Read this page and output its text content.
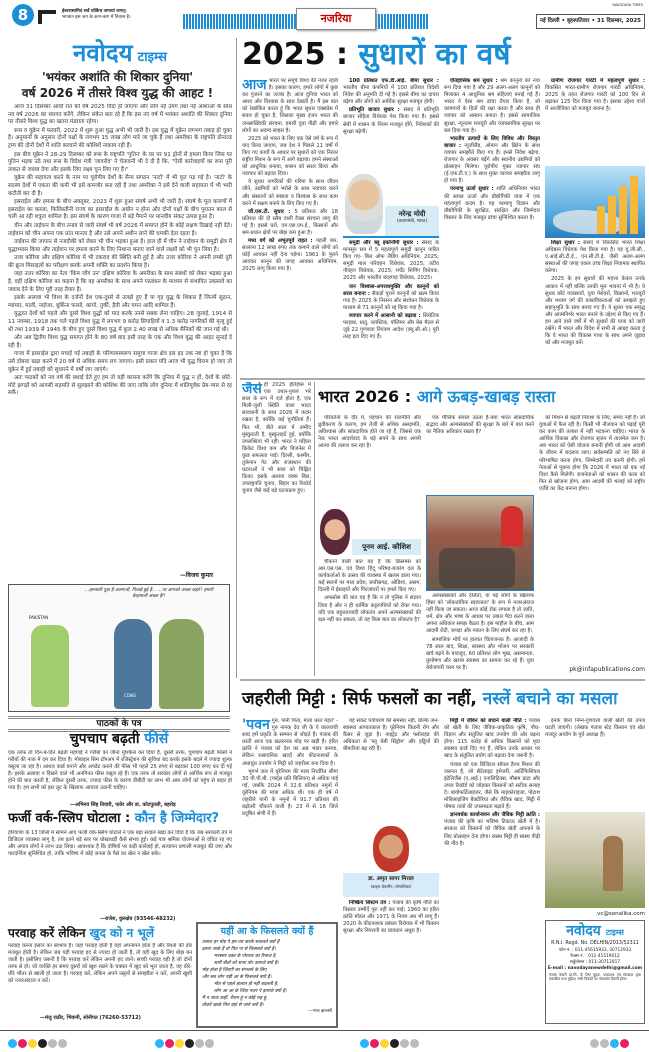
8	ईश्वरास्यमिदं सर्वं यत्किंच जगत्यां जगत्।
भगवान इस जग के कण-कण में निवास है।	नजरिया
NAVODAYA TIMES
नई दिल्ली • बृहस्पतिवार • 31 दिसम्बर, 2025
नवोदय टाइम्स
'भयंकर अशांति की शिकार दुनिया'
वर्ष 2026 में तीसरे विश्व युद्ध की आहट !

आज 31 दिसम्बर आधी रात को वर्ष 2025 विदा हो जाएगा और लोग नई उमंग तथा नई आशाओं के साथ नव वर्ष 2026 का स्वागत करेंगे, लेकिन संकेत बता रहे हैं कि इस नए वर्ष में भयंकर अशांति की शिकार दुनिया पर तीसरे विश्व युद्ध का खतरा मंडराता रहेगा।

रूस व यूक्रेन में फरवरी, 2022 में शुरू हुआ युद्ध अभी भी जारी है। इस युद्ध में यूक्रेन लगभग तबाह हो चुका है। अनुमानों के अनुसार दोनों पक्षों के लगभग 15 लाख लोग मारे जा चुके हैं तथा अमरीका के राष्ट्रपति डोनाल्ड ट्रम्प की दोनों देशों में शांति करवाने की कोशिशें नाकाम रही हैं।

इस बीच यूक्रेन ने 28-29 दिसम्बर को रूस के राष्ट्रपति 'पुतिन' के घर पर 91 ड्रोनों से हमला किया जिस पर पुतिन भड़क उठे तथा रूस के विदेश मंत्री 'लावरोव' ने चेतावनी भी दे दी है कि, "ऐसी कार्रवाइयों का रूस पूरी ताकत से जवाब देगा और इसके लिए लक्ष्य चुन लिए गए हैं।"

यूक्रेन की सहायता करने के नाम पर यूरोपीय देशों के सैन्य संगठन 'नाटो' में भी फूट पड़ गई है। 'नाटो' के सदस्य देशों में एकता की कमी भी इसे कमजोर बना रही है तथा अमरीका ने इसे देने वाली सहायता में भी भारी कटौती कर दी है।

इसराईल और हमास के बीच अक्तूबर, 2023 में शुरू हुआ संघर्ष अभी भी जारी है। संघर्ष के मूल कारणों में इसराईल का कब्जा, फिलिस्तीनी राज्य का इसराईल के अधीन न होना और दोनों पक्षों के बीच पुरातन काल से चली आ रही शत्रुता शामिल है। इस संघर्ष के कारण गाजा में बड़े पैमाने पर मानवीय संकट उत्पन्न हुआ है।

चीन और ताईवान के बीच तनाव से जारी संघर्ष भी वर्ष 2026 में समाप्त होने के कोई लक्षण दिखाई नहीं देते। ताईवान को चीन अपना एक प्रांत मानता है और उसे अपने अधीन लाने की धमकी देता रहता है।

ताईवान की जापान से नजदीकी को लेकर भी चीन भड़का हुआ है। हाल ही में चीन ने ताईवान के समुद्री क्षेत्र में युद्धाभ्यास किया और ताईवान पर हमला करने के लिए निशाना बनाए जाने वाले लक्ष्यों को भी चुन लिया है।

उत्तर कोरिया और दक्षिण कोरिया में भी टकराव की स्थिति बनी हुई है और उत्तर कोरिया ने अपनी लम्बी दूरी की क्रूज मिसाइलों का परीक्षण करके अपनी शक्ति का प्रदर्शन किया है।

जहां उत्तर कोरिया का नेता 'किम जोंग उन' दक्षिण कोरिया के अमरीका के साथ संबंधों को लेकर भड़का हुआ है, वहीं दक्षिण कोरिया का कहना है कि वह अमरीका के साथ अपने गठबंधन के माध्यम से संभावित उकसावे का जवाब देने के लिए पूरी तरह तैयार है।

इसके अलावा भी विश्व के दर्जनों देश एक-दूसरे से उलझे हुए हैं या गृह युद्ध के शिकार हैं जिनमें सूडान, म्यांमार, माली, नाईजर, बुर्किना फासो, कांगो, तुर्की, हैती और यमन आदि शामिल हैं।

युद्धरत देशों को पहले और दूसरे विश्व युद्धों को याद करके उनसे सबक लेना चाहिए। 28 जुलाई, 1914 से 11 नवम्बर, 1918 तक चले पहले विश्व युद्ध में लगभग 9 करोड़ सिपाहियों व 1.3 करोड़ नागरिकों की मृत्यु हुई थी तथा 1939 से 1945 के बीच हुए दूसरे विश्व युद्ध में कुल 2.40 लाख से अधिक सैनिकों की जान गई थी।

और अब द्वितीय विश्व युद्ध समाप्त होने के 80 वर्ष बाद इसी तरह के एक और विश्व युद्ध की आहट सुनाई दे रही है।

गाजा में इसराईल द्वारा मचाई गई तबाही के परिणामस्वरूप समूचा गाजा क्षेत्र इस हद तक नष्ट हो चुका है कि उसे दोबारा खड़ा करने में 20 वर्ष से अधिक समय लग जाएगा। इसी प्रकार यदि आज भी युद्ध विराम हो जाए तो यूक्रेन में हुई तबाही को सुधारने में वर्षों लग जाएंगे।

अतः पाठकों को नव वर्ष की बधाई देते हुए हम तो यही कामना करेंगे कि दुनिया में युद्ध न हों, देशों के छोटे-मोटे झगड़ों को आपसी सहमति से सुलझाने की कोशिश की जाए ताकि लोग दुनिया में शांतिपूर्वक प्रेम-प्यार से रह सकें।

—विजय कुमार
...हमवाली पुड़ा है अलगाची, पिचाड़े हुई है... ...पर आपको अच्छा कहां!! हमारी बेरहमाली अच्छा है!!
PAKISTAN
CONG
पाठकों के पत्र
चुपचाप बढ़ती फीसें
एक तरफ तो दिन-ब-दिन बढ़ती महंगाई ने गरीबों का जीना मुश्किल कर दिया है, दूसरी तरफ, चुपचाप बढ़ती फीसों ने गरीबों की नाक में दम कर दिया है। मोबाइल सिम टॉपअप में रजिस्ट्रेशन की सुविधा बंद करके इसके बदले में ज्यादा शुल्क वसूला जा रहा है। आधार कार्ड बनाने और अपडेट कराने की फीस भी पहले 25 रुपए से बढ़ाकर 100 रुपए कर दी गई है। इसके अलावा न दिखने वाले भी अनगिनत फीस वसूल रहे हैं। एक तरफ तो सरकार लोगों से आर्थिक रूप से मजबूत होने की बात करती है, लेकिन दूसरी तरफ, ज्यादा फीस के कारण डीबीटी का लाभ भी आम लोगों को पहुंच से बाहर हो गया है। हम सभी को इस लूट के खिलाफ आवाज उठानी चाहिए।
—अभिनव सिंह तिवारी, पतोर और डा. कोटपुतली, बहरोड़
फर्जी वर्क-स्लिप घोटाला : कौन है जिम्मेदार?
हरियाणा के 13 जिलों में सामने आए फर्जी वर्क-स्लिप घोटाले ने एक बड़ा सवाल खड़ा कर दिया है कि जब सरकारी तंत्र में डिजिटल व्यवस्था लागू है, तब इतने बड़े स्तर पर धोखाधड़ी कैसे संभव हुई। कई पात्र श्रमिक योजनाओं से वंचित रह गए और अपात्र लोगों ने लाभ उठा लिया। आवश्यक है कि दोषियों पर कड़ी कार्रवाई हो, सत्यापन प्रणाली मजबूत की जाए और पारदर्शिता सुनिश्चित हो, ताकि भविष्य में कोई जनता के पैसे का खेल न खेल सके।
—राजेश, कुरुक्षेत्र (93546-48232)
परवाह करें लेकिन खुद को न भूलें
परवाह करना इंसान का स्वभाव है। जहां परवाह होती है वहां अपनापन होता है और रिश्तों की डोर मजबूत होती है। लेकिन जब यही परवाह हद से ज्यादा हो जाती है, तो वही खुद के लिए बोझ बन जाती है। इसीलिए जरूरी है कि परवाह करें लेकिन अपनी हद जानें। सच्ची परवाह वही है जो दोनों तरफ से हो। जो व्यक्ति हर समय दूसरों को खुश रखने के चक्कर में खुद को भूल जाता है, वह धीरे-धीरे भीतर से खाली हो जाता है। परवाह करें, लेकिन अपने उसूलों से समझौता न करें, अपनी खुशी को नजरअंदाज न करें।
—मंजु राठौर, भिवानी, सोनीपत (76260-53712)
2025 : सुधारों का वर्ष
आज भारत पर समूचे विश्व की नजर रहती है। इसका कारण, हमारे लोगों में कुछ कर गुजरने का जज्बा है। आज दुनिया भारत को आशा और विश्वास के साथ देखती है। मैं इस बात को रेखांकित करता हूं कि भारत सुधार एक्सप्रेस में सवार हो चुका है, जिसका मुख्य इंजन भारत की जनसांख्यिकी संरचना, हमारी युवा पीढ़ी और हमारे लोगों का अदम्य साहस है।

2025 को भारत के लिए एक ऐसे वर्ष के रूप में याद किया जाएगा, जब देश ने पिछले 11 वर्षों में किए गए कार्यों के आधार पर सुधारों को एक निरंतर राष्ट्रीय मिशन के रूप में आगे बढ़ाया। हमने संस्थाओं को आधुनिक बनाया, शासन को सरल किया और नवाचार को बढ़ावा दिया।

ये सुधार नागरिकों की गरिमा के साथ जीवन जीने, उद्यमियों को भरोसे के साथ नवाचार करने और संस्थानों को स्पष्टता व विश्वास के साथ काम करने में सक्षम बनाने के लिए किए गए हैं।

जी.एस.टी. सुधार : 5 प्रतिशत और 18 प्रतिशत की दो स्लैब वाली टैक्स संरचना लागू की गई है। इससे घरों, एम.एस.एम.ई., किसानों और श्रम-प्रधान क्षेत्रों पर बोझ कम हुआ है।

मध्य वर्ग को अभूतपूर्व राहत : पहली बार, सालाना 12 लाख रुपए तक कमाने वाले लोगों को कोई आयकर नहीं देना पड़ेगा। 1961 के पुराने आयकर कानून की जगह आयकर अधिनियम, 2025 लागू किया गया है।

100 प्रतिशत एफ.डी.आई. बीमा सुधार : भारतीय बीमा कंपनियों में 100 प्रतिशत विदेशी निवेश की अनुमति दी गई है। इससे बीमा का दायरा बढ़ेगा और लोगों को आर्थिक सुरक्षा मजबूत होगी।

प्रतिभूति बाजार सुधार : संसद में प्रतिभूति बाजार संहिता विधेयक पेश किया गया है। इससे सेबी में शासन के नियम मजबूत होंगे, निवेशकों की सुरक्षा बढ़ेगी।

नरेन्द्र मोदी
(प्रधानमंत्री, भारत)

समुद्री और ब्लू इकोनॉमी सुधार : संसद के मानसून सत्र में 5 महत्वपूर्ण समुद्री कानून पारित किए गए- बिल ऑफ लैडिंग अधिनियम, 2025; समुद्री माल परिवहन विधेयक, 2025; तटीय नौवहन विधेयक, 2025; मर्चेंट शिपिंग विधेयक, 2025 और भारतीय बंदरगाह विधेयक, 2025।

जन विश्वास-अपराधमुक्ति और कानूनों को सरल बनाना : सैकड़ों पुराने कानूनों को खत्म किया गया है। 2025 के निरसन और संशोधन विधेयक के माध्यम से 71 कानूनों को रद्द किया गया है।

व्यापार करने में आसानी को बढ़ावा : सिंथेटिक फाइबर, धातु, प्लास्टिक, पॉलिमर और बेस मैटल से जुड़े 22 गुणवत्ता नियंत्रण आदेश (क्यू.सी.ओ.) पूरी तरह हटा दिए गए हैं।

ऐतिहासिक श्रम सुधार : श्रम कानूनों को नया रूप दिया गया है और 29 अलग-अलग कानूनों को मिलाकर 4 आधुनिक श्रम संहिताएं बनाई गई हैं। भारत ने ऐसा श्रम ढांचा तैयार किया है, जो कामगारों के हितों की रक्षा करता है और साथ ही व्यापार को आसान बनाता है। इससे सामाजिक सुरक्षा, न्यूनतम मजदूरी और व्यावसायिक सुरक्षा पर बल दिया गया है।

भारतीय उत्पादों के लिए विविध और विस्तृत बाजार : न्यूजीलैंड, ओमान और ब्रिटेन के साथ व्यापार समझौते किए गए हैं। इनसे निवेश बढ़ेगा, रोजगार के अवसर बढ़ेंगे और स्थानीय उद्यमियों को प्रोत्साहन मिलेगा। यूरोपीय मुक्त व्यापार संघ (ई.एफ.टी.ए.) के साथ मुक्त व्यापार समझौता लागू हो गया है।

परमाणु ऊर्जा सुधार : शांति अधिनियम भारत की स्वच्छ ऊर्जा और प्रौद्योगिकी यात्रा में एक महत्वपूर्ण कदम है। यह परमाणु विज्ञान और प्रौद्योगिकी के सुरक्षित, संरक्षित और जिम्मेदार विस्तार के लिए मजबूत ढांचा सुनिश्चित करता है।

ग्रामीण रोजगार गारंटी में महत्वपूर्ण सुधार : विकसित भारत-ग्रामीण रोजगार गारंटी अधिनियम, 2025 के तहत रोजगार गारंटी को 100 दिन से बढ़ाकर 125 दिन किया गया है। इसका उद्देश्य गांवों में आजीविका को मजबूत बनाना है।

शिक्षा सुधार : संसद में विकसित भारत शिक्षा अधिष्ठान विधेयक पेश किया गया है। यह यू.जी.सी., ए.आई.सी.टी.ई., एन.सी.टी.ई. जैसी अलग-अलग संस्थाओं की जगह एकल उच्च शिक्षा नियामक स्थापित करेगा।

2025 के इन सुधारों की महत्ता केवल उनके आकार में नहीं बल्कि उनकी मूल भावना में भी है। ये सुधार छोटे व्यवसायों, युवा पेशेवरों, किसानों, मजदूरों और मध्यम वर्ग की वास्तविकताओं को समझते हुए सहानुभूति के साथ बनाए गए हैं। ये सुधार एक समृद्ध और आत्मनिर्भर भारत बनाने के उद्देश्य से किए गए हैं। हम आने वाले वर्षों में भी सुधारों की यात्रा को जारी रखेंगे। मैं भारत और विदेश में सभी से आग्रह करता हूं कि वे भारत की विकास गाथा के साथ अपने जुड़ाव को और मजबूत करें।

जैसे ही 2025 इतिहास में एक उथल-पुथल भरे साल के रूप में दर्ज होता है, एक मिली-जुली स्थिति वाला भारत सावधानी के साथ 2026 में कदम रखता है, क्योंकि कई चुनौतियां हैं। फिर भी, बीते साल में उम्मीद मुस्कुराती है, मुस्कुराहटें हुई, क्योंकि उपलब्धियां भी रहीं। भारत ने महिला क्रिकेट विश्व कप और बिजनेस में कुछ सफलता पाई। दिल्ली, कश्मीर, तुर्कमान गेट और राजस्थान की घटनाओं ने भी साल को चिह्नित किया। इसके अलावा वक्फ बिल, उपराष्ट्रपति चुनाव, बिहार का रिकॉर्ड चुनाव जैसे कई बड़े घटनाक्रम हुए।
भारत 2026 : आगे ऊबड़-खाबड़ रास्ता

परिवर्तनों के दौर में, पहचान की राजनीति और ध्रुवीकरण के कारण, हम तेजी से अधिक असहमति, अविश्वास और सांप्रदायिक होते जा रहे हैं, जिससे एक नेक भारत आदर्शवाद के बड़े सपने के साथ अपनी आत्मा की तलाश कर रहा है।

पूनम आई. कौशिश

चौंकाने वाली बात यह है कि क्रिसमस को आर.एस.एस. एवं विश्व हिंदू परिषद-बजरंग दल के कार्यकर्ताओं के उत्सव की व्यवस्था में खलल डाला गया। कई स्थानों पर मध्य प्रदेश, छत्तीसगढ़, ओडिशा, असम, दिल्ली में ईसाइयों और गिरजाघरों पर हमले किए गए।

अफसोस की बात यह है कि न तो पुलिस ने संज्ञान लिया है और न ही धार्मिक कट्टरपंथियों को रोका गया। यदि एक बहुलतावादी लोकतंत्र अपने अल्पसंख्यकों की रक्षा नहीं कर सकता, तो वह किस बात का लोकतंत्र है?

एक मौलिक सवाल उठता है-क्या भारत सांप्रदायिक सद्भाव और अल्पसंख्यकों की सुरक्षा के बारे में बात करने का नैतिक अधिकार रखता है?

अल्पसंख्यकों और दलितों, या पढ़े लोगों के खिलाफ हिंसा को 'लोकतांत्रिक स्वायत्तता' के रूप में नजरअंदाज नहीं किया जा सकता। आज कोई रोक लगाता है तो जाति, धर्म, क्षेत्र और भाषा के आधार पर उबाल पैदा करने वाला अपना अधिकार समझ बैठता है। इस माहौल के बीच, आम आदमी रोटी, कपड़ा और मकान के लिए संघर्ष कर रहा है।

सामाजिक मोर्चे पर हालात चिंताजनक हैं। आजादी के 78 साल बाद, शिक्षा, स्वास्थ्य और भोजन पर सरकारी खर्च बढ़ने के बावजूद, 60 प्रतिशत लोग भूख, असमानता, कुपोषण और खराब स्वास्थ्य का सामना कर रहे हैं। युवा बेरोजगारी चरम पर है।

को मिशन से बढ़ती निराशा के लिए, समय नहीं है। जो युवाओं में फैल रही है। किसी भी नौजवान को पढ़ाई पूरी कर काम की तलाश में नहीं भटकना चाहिए। भारत के आर्थिक विकास और रोजगार सृजन में तालमेल कम है। अब भारत को ऐसी योजना बनानी होगी जो आम आदमी के जीवन में बदलाव लाए। सर्वसम्मति को नए सिरे से परिभाषित करना होगा, जिम्मेदारी तय करनी होगी। हमें नेताओं से पूछना होगा कि 2026 में भारत को एक नई दिशा कैसे मिलेगी। राजनेताओं को शासन की कला को फिर से खोजना होगा, आम आदमी की भलाई को राष्ट्रीय एजैंडे का केंद्र बनाना होगा।

pk@infapublications.com
जहरीली मिट्टी : सिर्फ फसलों का नहीं, नस्लें बचाने का मसला
'पवन गुरु, पानी पिता, माता धरत महत' - गुरु नानक देव जी के ये कालजयी शब्द हमें प्रकृति के सम्मान से जोड़ते हैं। पंजाब की धरती आज एक खतरनाक मोड़ पर खड़ी है। हरित क्रांति ने पंजाब को देश का अन्न भंडार बनाया, लेकिन रासायनिक खादों और कीटनाशकों के अंधाधुंध उपयोग ने मिट्टी को जहरीला बना दिया है।

भूगर्भ जल में यूरेनियम की मात्रा निर्धारित सीमा 30 पी.पी.बी. (पार्ट्स प्रति बिलियन) से अधिक पाई गई, जबकि 2024 में 32.6 प्रतिशत नमूनों में यूरेनियम की मात्रा अधिक थी। एक ही वर्ष में जहरीले पानी के नमूनों में 91.7 प्रतिशत की बढ़ोतरी चौंकाने वाली है। 23 में से 16 जिले प्रदूषित श्रेणी में हैं।

यह संकट पर्यावरण की समस्या नहीं, बल्कि जन-स्वास्थ्य आपातकाल है। यूरेनियम किडनी रोग और कैंसर से जुड़ा है। नाइट्रेट और फ्लोराइड की अधिकता से 'ब्लू बेबी सिंड्रोम' और हड्डियों की बीमारियां बढ़ रही हैं।

डा. अमृत सागर मित्तल
(वाइस चेयरमैन, सोनालिका)

निष्क्रिय सिस्टम तंत्र : पंजाब की कृषि नीति का विस्तार उम्मीदें पूरा नहीं कर पाई। 1960 का हरित क्रांति मॉडल और 1971 के नियम अब भी लागू हैं। 2020 के कीटनाशक प्रबंधन विधेयक में भी किसान सुरक्षा और निगरानी का प्रावधान अधूरा है।

मिट्टी में जीवन को बचाने वाली नीति : पंजाब को खेती के लिए जैविक-प्राकृतिक कृषि, पौध-विज्ञान और संतुलित खाद उपयोग की ओर बढ़ना होगा। 115 करोड़ से अधिक किसानों को मृदा स्वास्थ्य कार्ड दिए गए हैं, लेकिन उनके आधार पर खाद के संतुलित प्रयोग को बढ़ावा देना जरूरी है।

पंजाब को एक डिजिटल सॉयल हैल्थ मिशन की जरूरत है, जो सैटेलाइट इमेजरी, आर्टिफिशियल इंटेलिजैंस (ए.आई.) एनालिटिक्स, मौसम डाटा और उपज रिकॉर्ड को जोड़कर किसानों को सटीक सलाह दे। बायोफर्टिलाइजर, जैसे कि माइकोराइजा, पोटाश मोबिलाइजिंग बैक्टीरिया और जैविक खाद, मिट्टी में पोषक तत्वों की उपलब्धता बढ़ाते हैं।

ज्ञानवर्धक कार्यान्वयन और जैविक मिट्टी क्रांति : पंजाब की कृषि का भविष्य टिकाऊ खेती में है। सरकार को किसानों को जैविक खेती अपनाने के लिए प्रोत्साहन देना होगा। स्वस्थ मिट्टी ही स्वस्थ पीढ़ी की नींव है।

इनके बिना निम्न-गुणवत्ता वाली खेती की उपज घटती जाएगी। (लेखक पंजाब स्टेट किसान एवं खेत मजदूर आयोग के पूर्व अध्यक्ष हैं)

vc@sonalika.com
नवोदय टाइम्स
R.N.I. Regd. No. DELHIN/2013/52311
फोन नं. : 011-45615933, 30712933
फैक्स नं. : 011-41519012
सर्कुलेशन : 011-30712917
E-mail : navodayanewdelhi@gmail.com
पंजाब केसरी प्रा.लि. के लिए मुद्रक, प्रकाशक एवं संपादक द्वारा प्रकाशित तथा मुद्रित। सभी विवादों का न्यायक्षेत्र दिल्ली होगा।
यहीं आ के फिसलते क्यों हैं
तलाश हर मोड़ पे हम तय करके सवालते क्यों हैं
इतना जाके हैं तो फिर पा से फिसलते क्यों हैं।
मयस्सर वक़्त के पोशाक का रिवाज है,
सारी बीतों को सजा तोर उतारते क्यों हैं।
मोड़ होता है जिंदगी का संभलने के लिए,
और सब लोग यहीं आ के फिसलते क्यों हैं।
मौत से पहले हालात हो नहीं बदलती है,
लोग आ आ के जिंदा नज़र पे इतराते क्यों हैं।
मैं न जाऊं कहीं, रौशन हूं न कोई राह हूं,
ठोकरें खाके फिर वहां से जाते क्यों हैं।
—नफा झाल्सी
